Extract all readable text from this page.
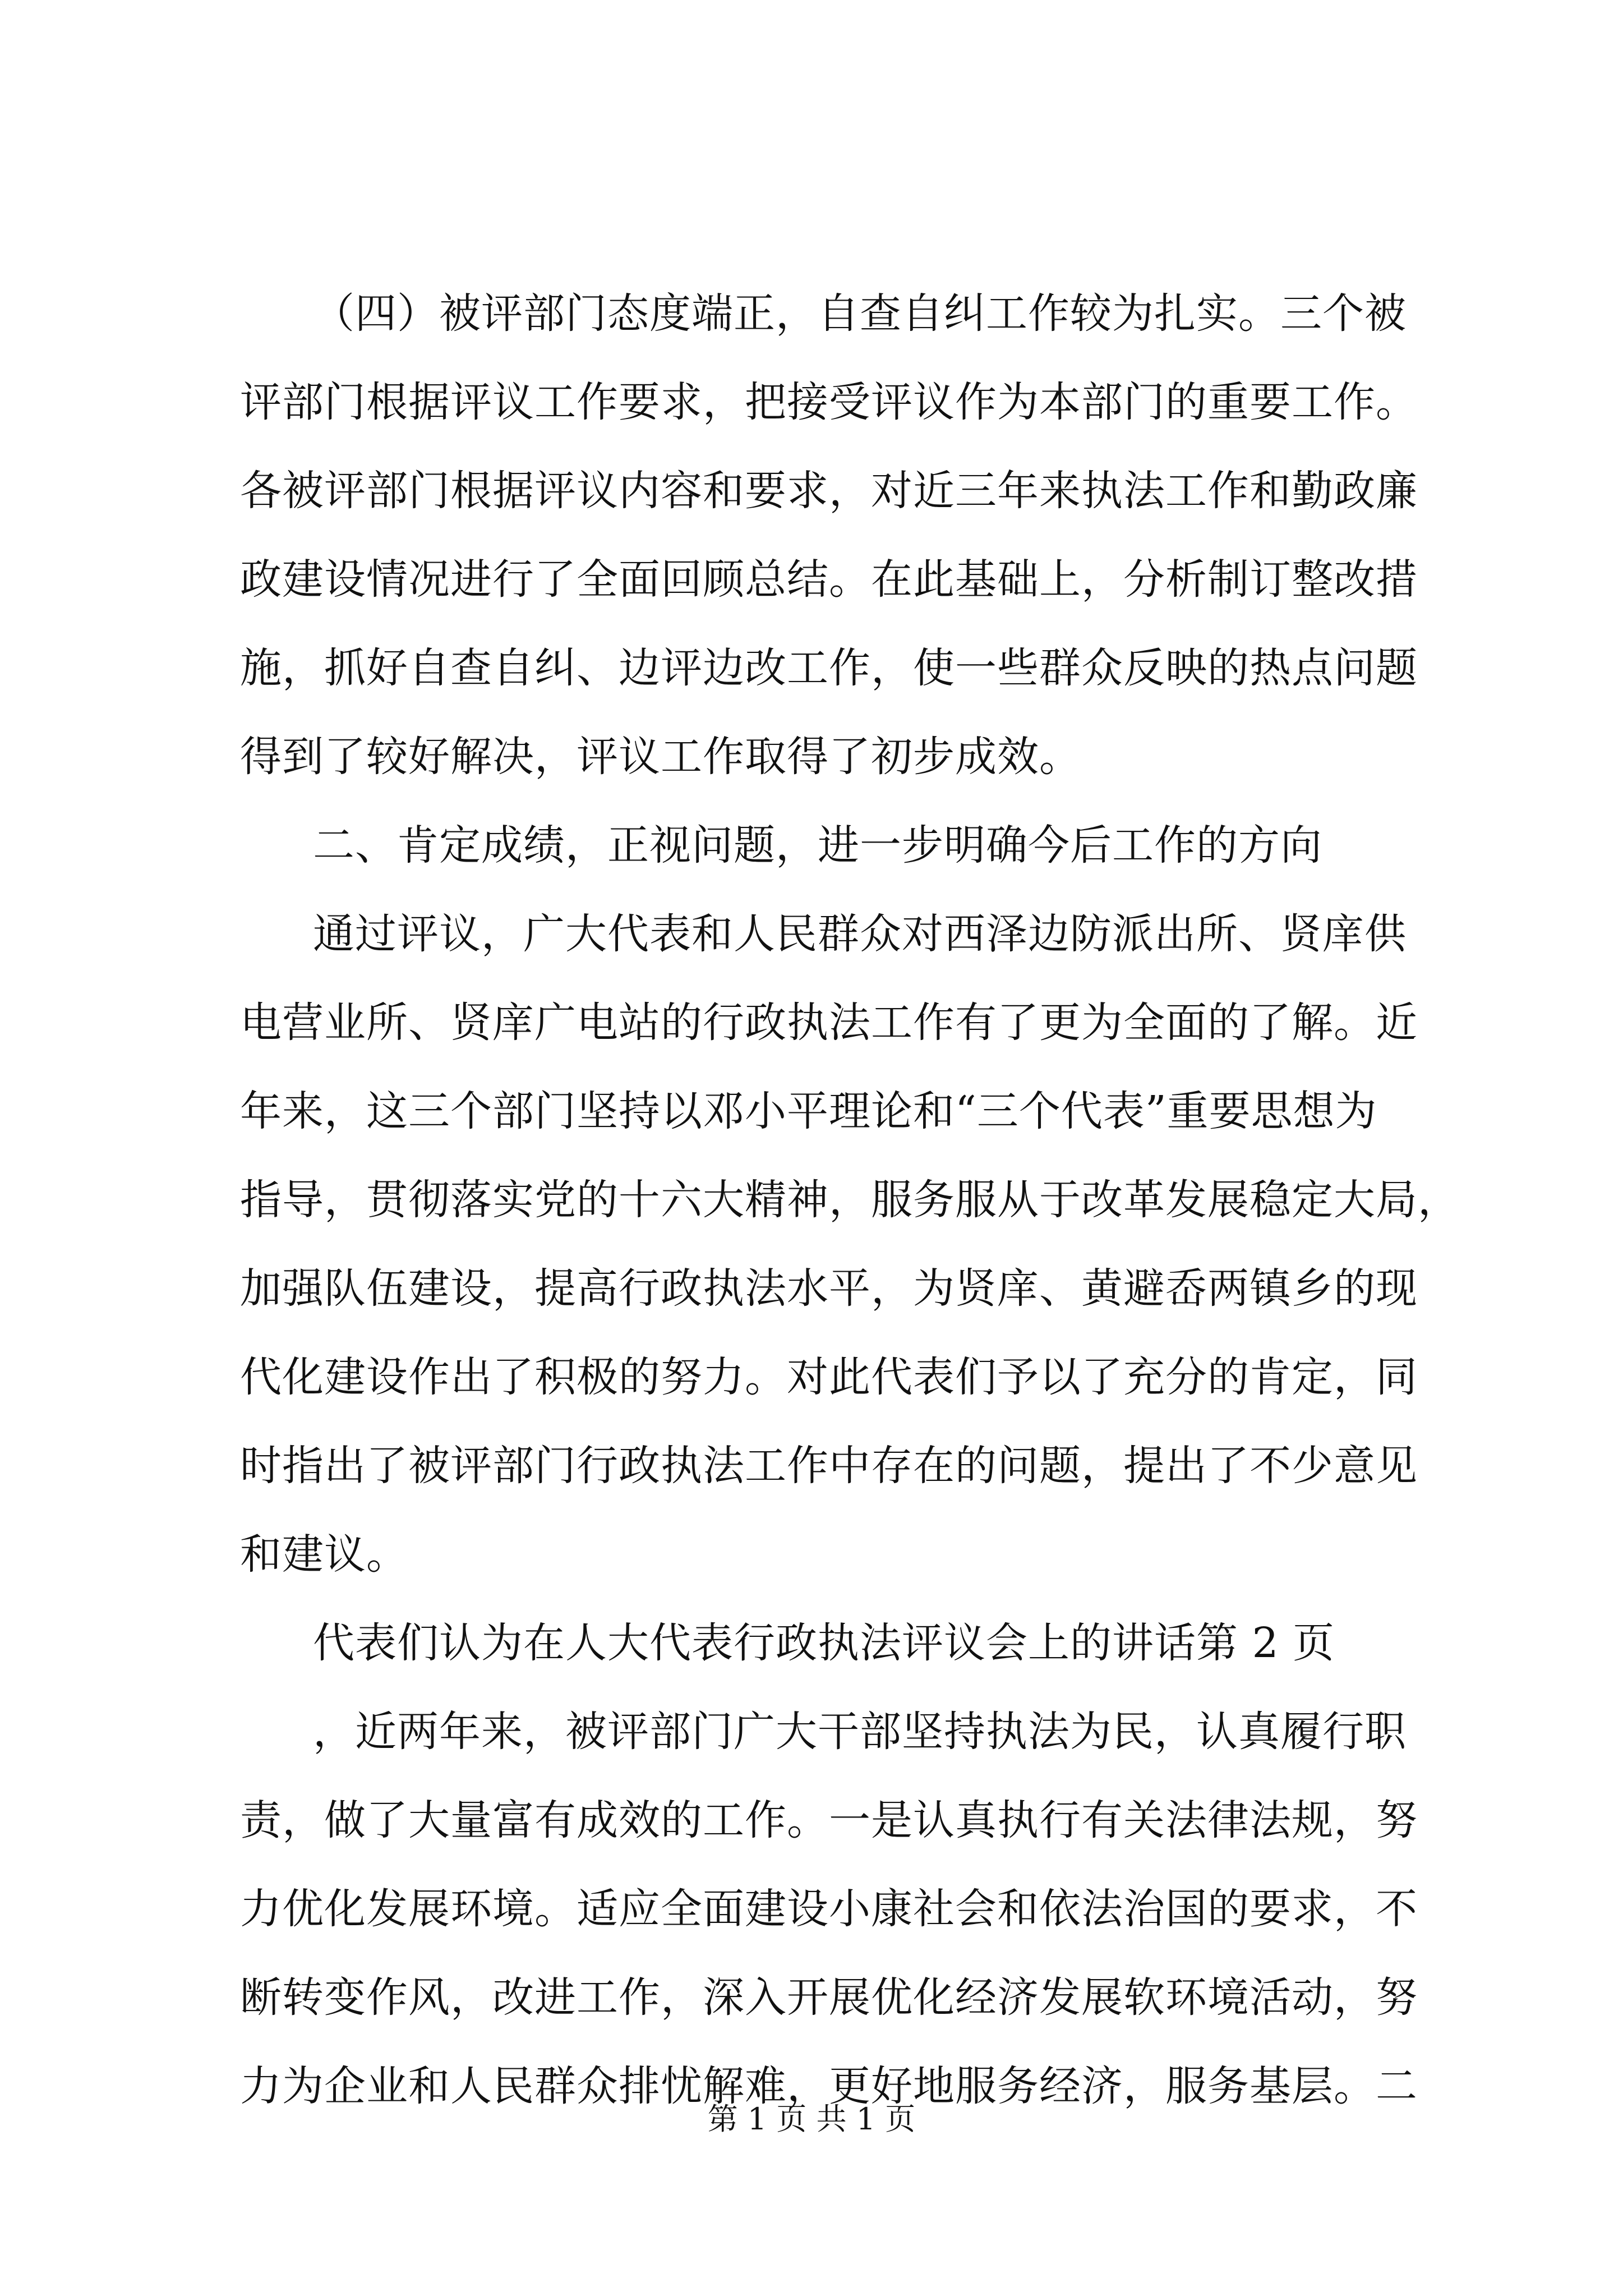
（四）被评部门态度端正，自查自纠工作较为扎实。三个被
评部门根据评议工作要求，把接受评议作为本部门的重要工作。
各被评部门根据评议内容和要求，对近三年来执法工作和勤政廉
政建设情况进行了全面回顾总结。在此基础上，分析制订整改措
施，抓好自查自纠、边评边改工作，使一些群众反映的热点问题
得到了较好解决，评议工作取得了初步成效。
二、肯定成绩，正视问题，进一步明确今后工作的方向
通过评议，广大代表和人民群众对西泽边防派出所、贤庠供
电营业所、贤庠广电站的行政执法工作有了更为全面的了解。近
年来，这三个部门坚持以邓小平理论和“三个代表”重要思想为
指导，贯彻落实党的十六大精神，服务服从于改革发展稳定大局，
加强队伍建设，提高行政执法水平，为贤庠、黄避岙两镇乡的现
代化建设作出了积极的努力。对此代表们予以了充分的肯定，同
时指出了被评部门行政执法工作中存在的问题，提出了不少意见
和建议。
代表们认为在人大代表行政执法评议会上的讲话第 2 页
，近两年来，被评部门广大干部坚持执法为民，认真履行职
责，做了大量富有成效的工作。一是认真执行有关法律法规，努
力优化发展环境。适应全面建设小康社会和依法治国的要求，不
断转变作风，改进工作，深入开展优化经济发展软环境活动，努
力为企业和人民群众排忧解难，更好地服务经济，服务基层。二
第 1 页 共 1 页
